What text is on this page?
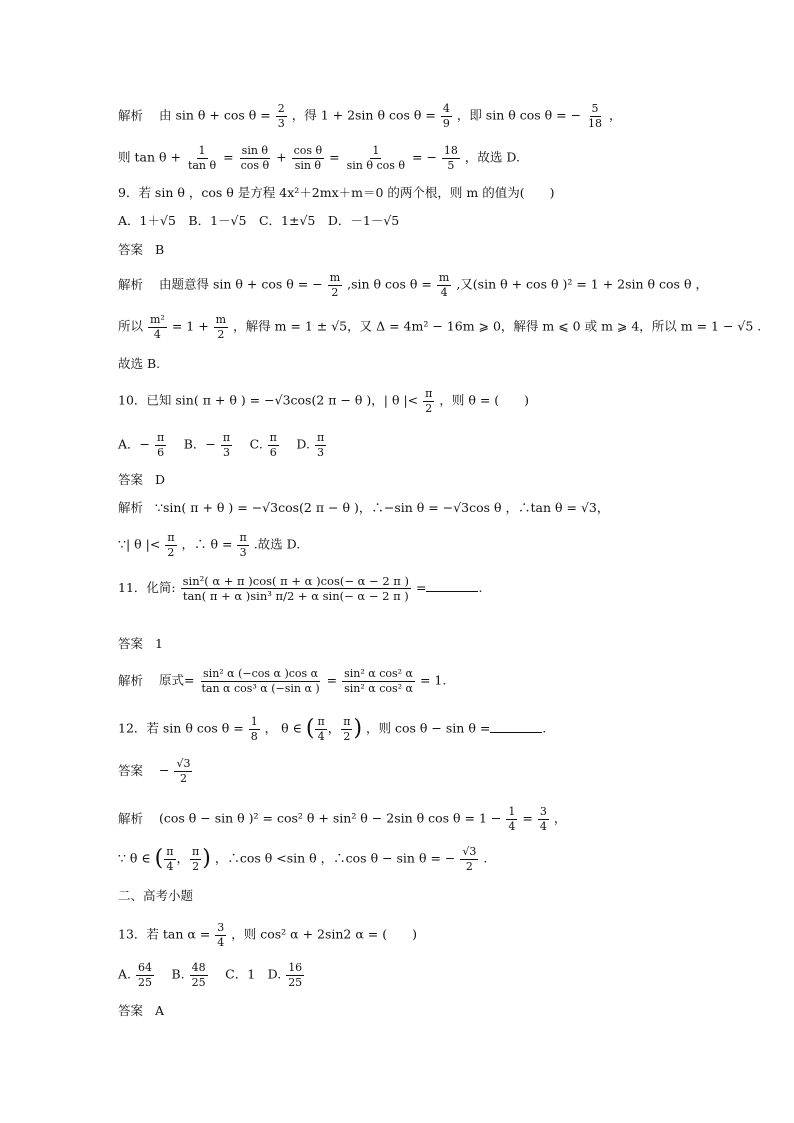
解析 由 $\sin \theta + \cos \theta = \frac{2}{3}$ ，得 1 + 2sin θ $\cos \theta = \frac{4}{9}$ ，即 sin θ cos θ = − $\frac{5}{18}$ ，
则 $\tan \theta + \frac{1}{\text{tan θ}} = \frac{\text{sin θ}}{\text{cos θ}} + \frac{\text{cos θ}}{\text{sin θ}} = \frac{1}{\text{sin θ cos θ}}$ = − $\frac{18}{5}$ ，故选 D.
9．若 sin θ ，cos θ 是方程 4x²＋2mx＋m＝0 的两个根，则 m 的值为(　　)
A．1＋√5　B．1－√5　C．1±√5　D．－1－√5
答案 B
解析 由题意得 sin θ + cos θ = − $\frac{m}{2} ,\sin$ θ $\cos \theta = \frac{m}{4}$ ,又(sin θ + cos θ )² = 1 + 2sin θ cos θ ，
所以 $\frac{\text{m²}}{4} = 1 + \frac{m}{2}$ ，解得 m = 1 ± √5，又 Δ = 4m² − 16m ⩾ 0，解得 m ⩽ 0 或 m ⩾ 4，所以 m = 1 − √5 .
故选 B.
10．已知 sin( π + θ ) = −√3cos(2 π − θ )，| θ |< $\frac{\pi}{2}$ ，则 θ = (　　)
A．− $\frac{\pi}{6}$ 　B．− $\frac{\pi}{3}$ 　C. $\frac{\pi}{6}$ 　D. $\frac{\pi}{3}$
答案 D
解析 ∵sin( π + θ ) = −√3cos(2 π − θ )，∴−sin θ = −√3cos θ ，∴tan θ = √3，
∵| θ |< $\frac{\pi}{2}$ ，∴ $\theta = \frac{\pi}{3}$ .故选 D.
11．化简: $\frac{\text{sin²( α + π )cos( π + α )cos(− α − 2 π )}}{\text{tan( π + α )sin³ π/2 + α sin(− α − 2 π )}}$ =	.
答案 1
解析 原式= $\frac{\text{sin² α (−cos α )cos α}}{\text{tan α cos³ α (−sin α )}} = \frac{\text{sin² α cos² α}}{\text{sin² α cos² α}} = 1$.
12．若 sin θ $\cos \theta = \frac{1}{8}$ ， θ ∈ ( $\frac{\pi}{4}$ ， $\frac{\pi}{2}$ ) ，则 cos θ − sin θ =	.
答案 − $\frac{√3}{2}$
解析 (cos θ − sin θ )² = cos² θ + sin² θ − 2sin θ $\cos \theta = 1 - \frac{1}{4} = \frac{3}{4}$ ，
∵ θ ∈ ( $\frac{\pi}{4}$ ， $\frac{\pi}{2}$ ) ，∴cos θ <sin θ ，∴cos θ − sin θ = − $\frac{√3}{2}$ .
二、高考小题
13．若 $\tan \alpha = \frac{3}{4}$ ，则 cos² α + 2sin2 α = (　　)
A. $\frac{64}{25}$ 　B. $\frac{48}{25}$ 　C．1　D. $\frac{16}{25}$
答案 A
